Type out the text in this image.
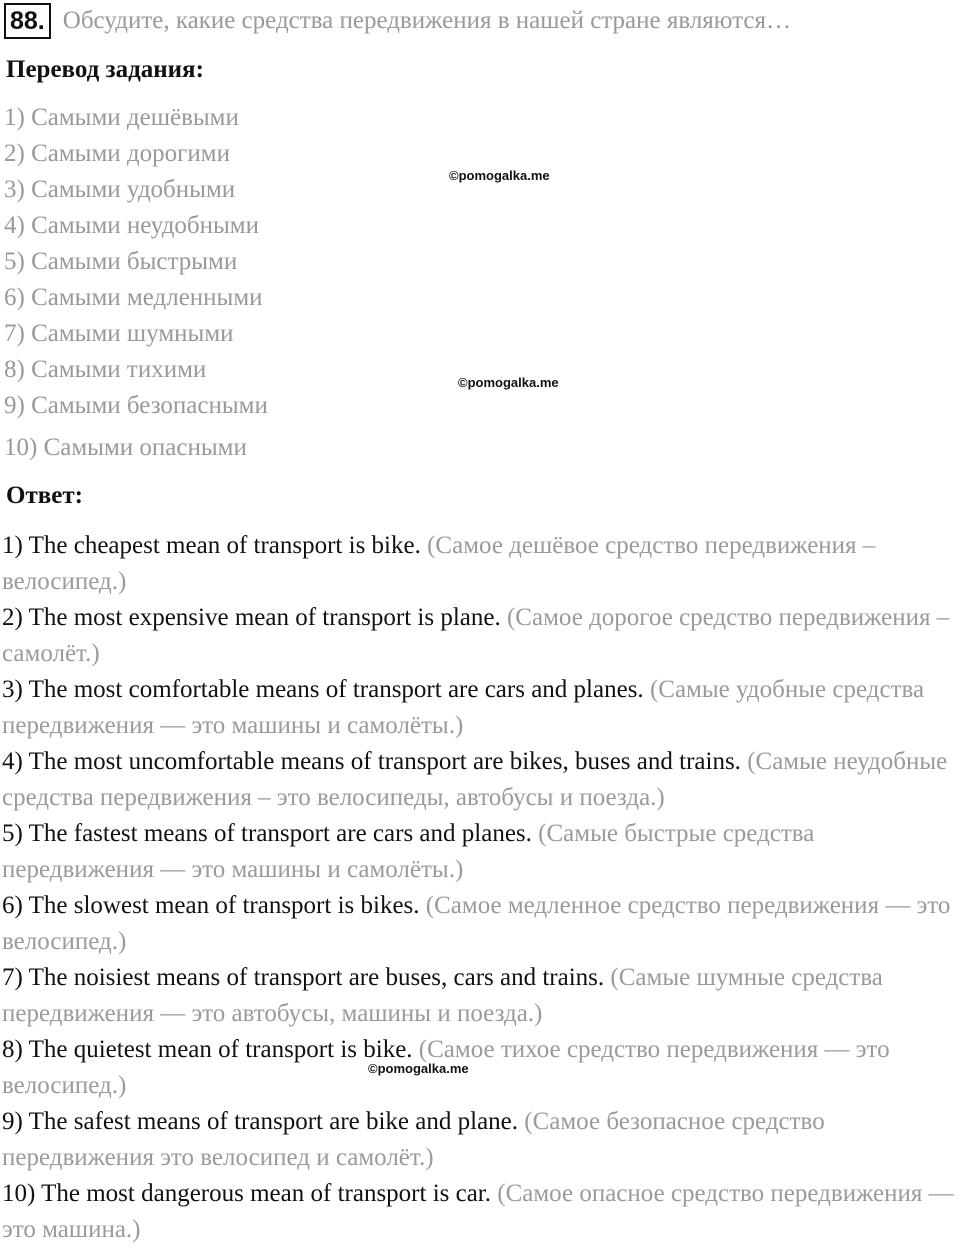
88. Обсудите, какие средства передвижения в нашей стране являются…
Перевод задания:
1) Самыми дешёвыми
2) Самыми дорогими
3) Самыми удобными
4) Самыми неудобными
5) Самыми быстрыми
6) Самыми медленными
7) Самыми шумными
8) Самыми тихими
9) Самыми безопасными
10) Самыми опасными
Ответ:
1) The cheapest mean of transport is bike. (Самое дешёвое средство передвижения – велосипед.)
2) The most expensive mean of transport is plane. (Самое дорогое средство передвижения – самолёт.)
3) The most comfortable means of transport are cars and planes. (Самые удобные средства передвижения — это машины и самолёты.)
4) The most uncomfortable means of transport are bikes, buses and trains. (Самые неудобные средства передвижения – это велосипеды, автобусы и поезда.)
5) The fastest means of transport are cars and planes. (Самые быстрые средства передвижения — это машины и самолёты.)
6) The slowest mean of transport is bikes. (Самое медленное средство передвижения — это велосипед.)
7) The noisiest means of transport are buses, cars and trains. (Самые шумные средства передвижения — это автобусы, машины и поезда.)
8) The quietest mean of transport is bike. (Самое тихое средство передвижения — это велосипед.)
9) The safest means of transport are bike and plane. (Самое безопасное средство передвижения это велосипед и самолёт.)
10) The most dangerous mean of transport is car. (Самое опасное средство передвижения — это машина.)
©pomogalka.me
©pomogalka.me
©pomogalka.me
